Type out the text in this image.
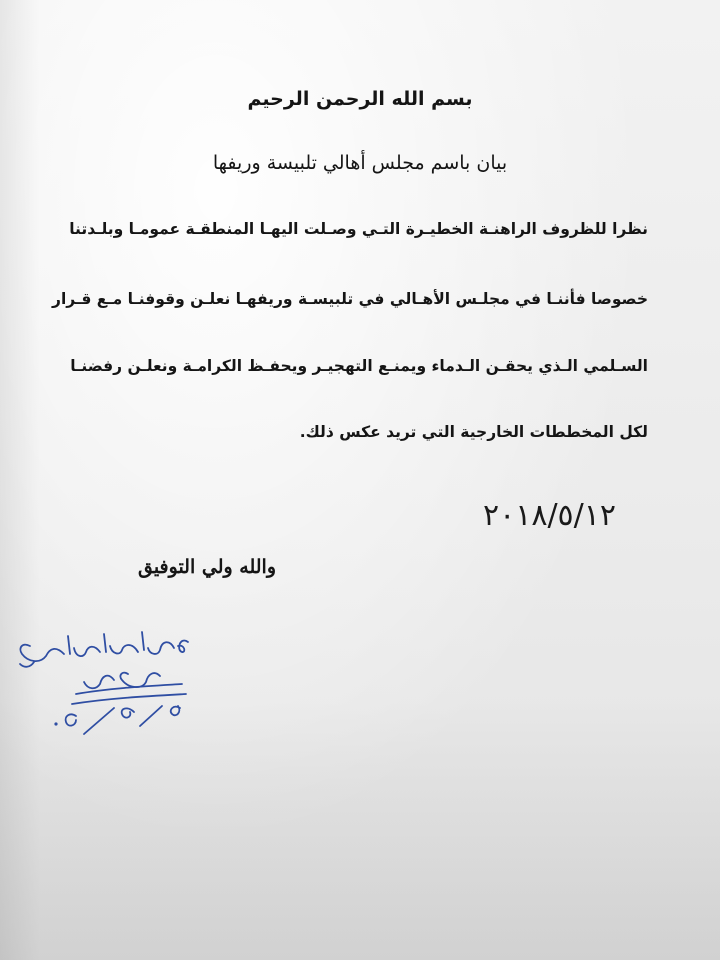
بسم الله الرحمن الرحيم
بيان باسم مجلس أهالي تلبيسة وريفها
نظرا للظروف الراهنـة الخطيـرة التـي وصـلت اليهـا المنطقـة عمومـا وبلـدتنا
خصوصا فأننـا في مجلـس الأهـالي في تلبيسـة وريفهـا نعلـن وقوفنـا مـع قـرار
السـلمي الـذي يحقـن الـدماء ويمنـع التهجيـر ويحفـظ الكرامـة ونعلـن رفضنـا
لكل المخططات الخارجية التي تريد عكس ذلك.
٢٠١٨/٥/١٢
والله ولي التوفيق
